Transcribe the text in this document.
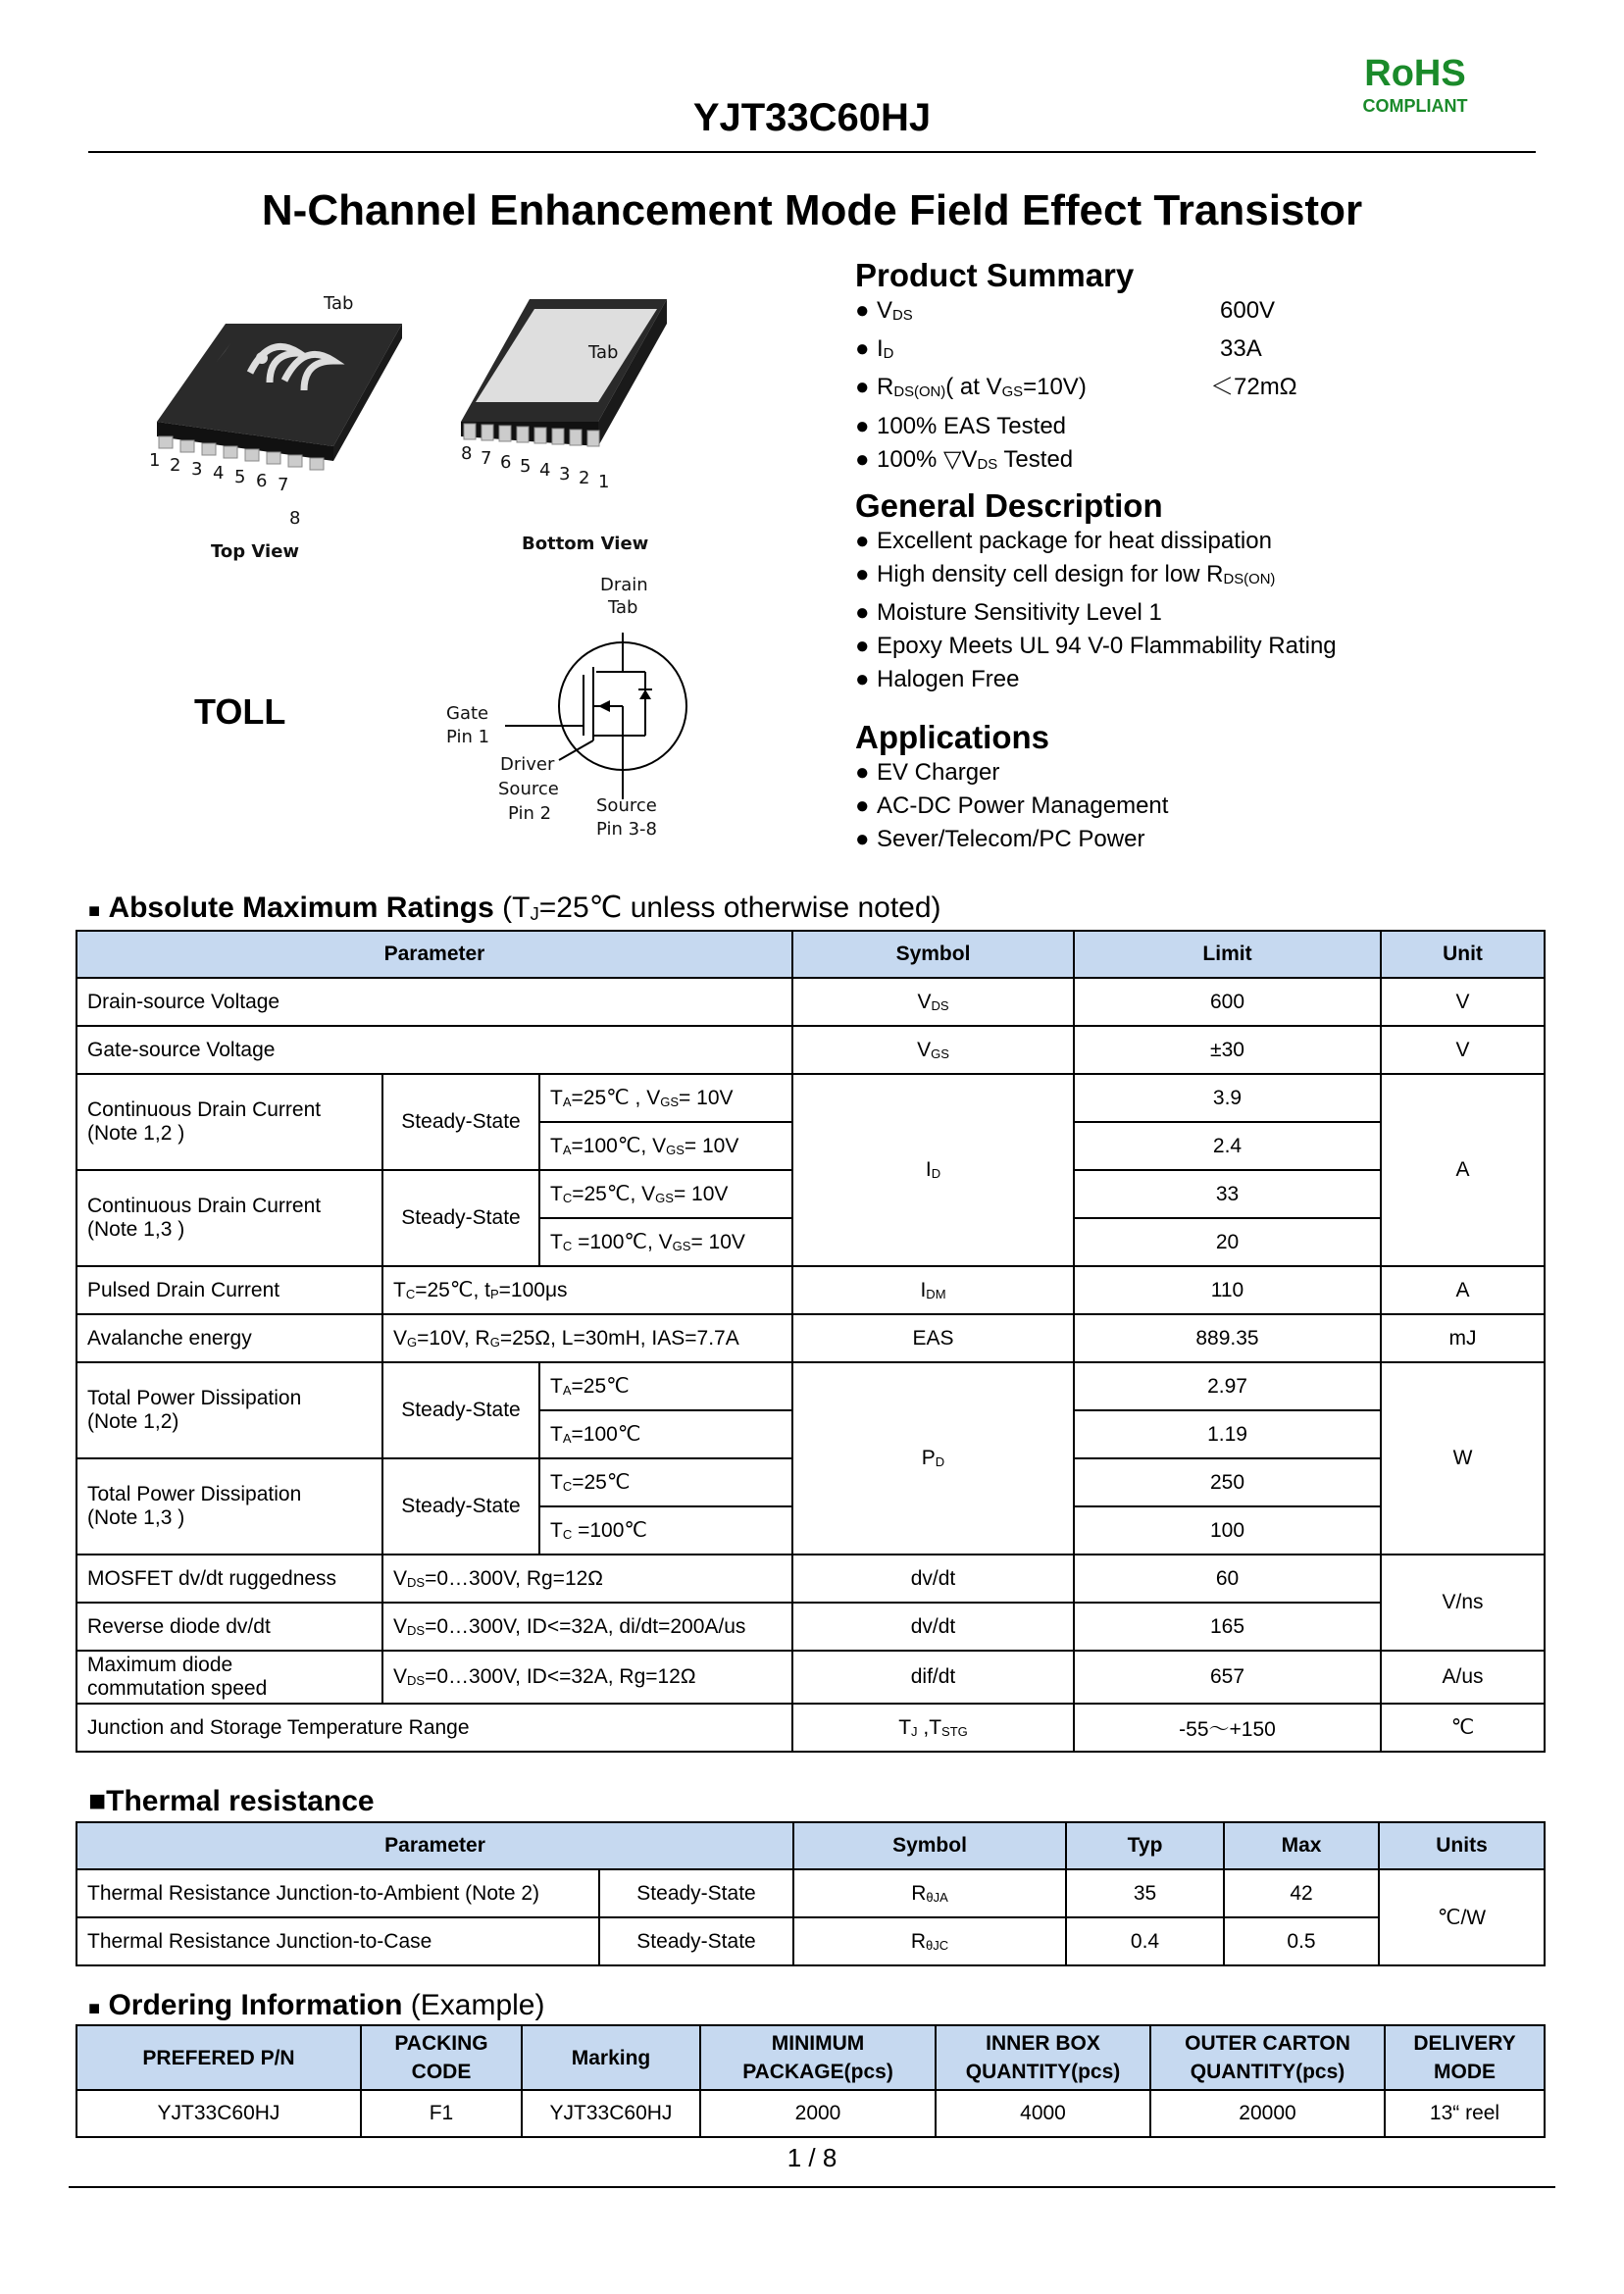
YJT33C60HJ
RoHS
COMPLIANT
N-Channel Enhancement Mode Field Effect Transistor
Tab
1 2 3 4 5 6 7
8
Top View
Tab
8 7 6 5 4 3 2 1
Bottom View
TOLL
Drain
Tab
Gate
Pin 1
Driver
Source
Pin 2	Source
Pin 3-8
Product Summary
● $V_{DS}$	600V
● $I_D$	33A
● $R_{DS(ON)}$( at $V_{GS}=10V$)	＜72mΩ
● 100% EAS Tested
● 100% $▽V_{DS}$ Tested
General Description
● Excellent package for heat dissipation
● High density cell design for low $R_{DS(ON)}$
● Moisture Sensitivity Level 1
● Epoxy Meets UL 94 V-0 Flammability Rating
● Halogen Free
Applications
● EV Charger
● AC-DC Power Management
● Sever/Telecom/PC Power
■ Absolute Maximum Ratings ($T_J=25℃$ unless otherwise noted)
Parameter			Symbol	Limit	Unit
Drain-source Voltage			$V_{DS}$	600	V
Gate-source Voltage			$V_{GS}$	±30	V
Continuous Drain Current
(Note 1,2 )	Steady-State	$T_A=25℃$ , $V_{GS}= 10V$	$I_D$	3.9	A
		$T_A=100℃$, $V_{GS}= 10V$		2.4	
Continuous Drain Current
(Note 1,3 )	Steady-State	$T_C=25℃$, $V_{GS}= 10V$		33	
		$T_C$ =100℃, $V_{GS}= 10V$		20	
Pulsed Drain Current	$T_C=25℃$, $t_P=100\mu s$		$I_{DM}$	110	A
Avalanche energy	$V_G=10V$, $R_G=25\Omega$, L=30mH, IAS=7.7A		EAS	889.35	mJ
Total Power Dissipation
(Note 1,2)	Steady-State	$T_A=25℃$	$P_D$	2.97	W
		$T_A=100℃$		1.19	
Total Power Dissipation
(Note 1,3 )	Steady-State	$T_C=25℃$		250	
		$T_C$ =100℃		100	
MOSFET dv/dt ruggedness	$V_{DS}=0\dots 300V$, Rg=12Ω		dv/dt	60	V/ns
Reverse diode dv/dt	$V_{DS}=0\dots 300V$, ID<=32A, di/dt=200A/us		dv/dt	165	
Maximum diode
commutation speed	$V_{DS}=0\dots 300V$, ID<=32A, Rg=12Ω		dif/dt	657	A/us
Junction and Storage Temperature Range			$T_J$ $,T_{STG}$	-55～+150	℃
■Thermal resistance
Parameter		Symbol	Typ	Max	Units
Thermal Resistance Junction-to-Ambient (Note 2)	Steady-State	$R_{\theta JA}$	35	42	℃/W
Thermal Resistance Junction-to-Case	Steady-State	$R_{\theta JC}$	0.4	0.5	
■ Ordering Information (Example)
PREFERED P/N	PACKING CODE	Marking	MINIMUM PACKAGE(pcs)	INNER BOX QUANTITY(pcs)	OUTER CARTON QUANTITY(pcs)	DELIVERY MODE
YJT33C60HJ	F1	YJT33C60HJ	2000	4000	20000	13“ reel
1 / 8
